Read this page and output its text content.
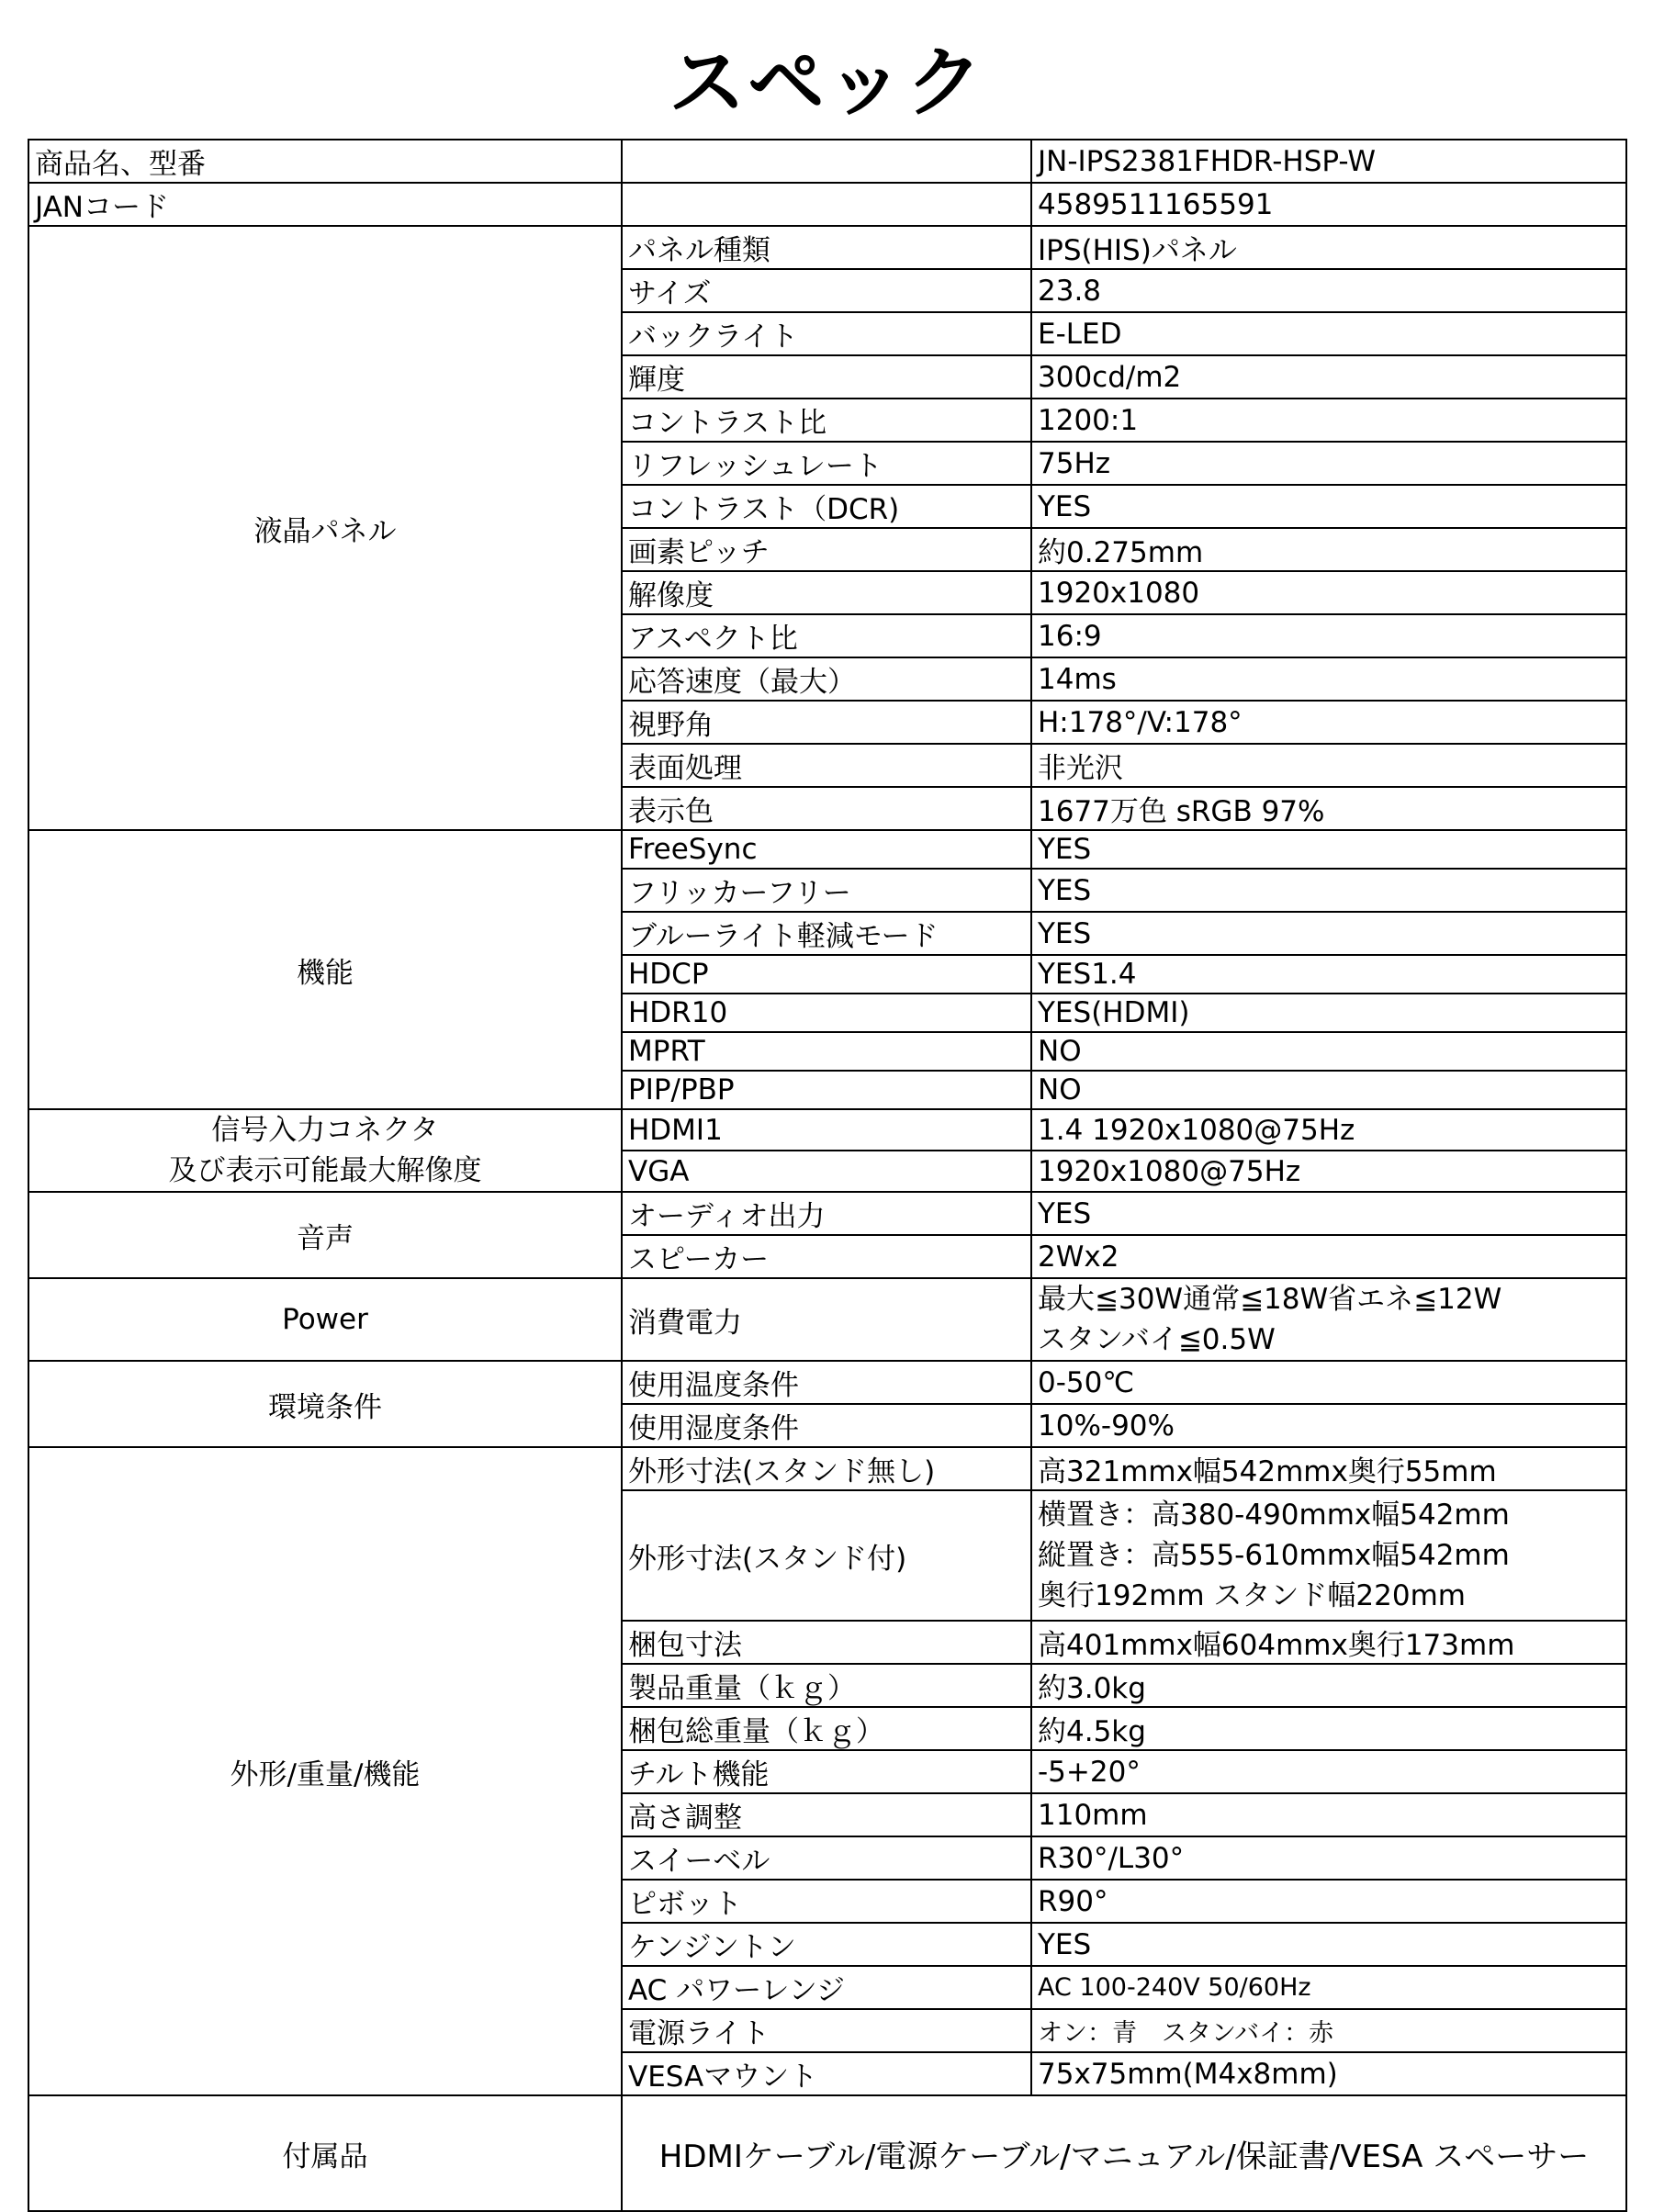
スペック
商品名、型番		JN-IPS2381FHDR-HSP-W
JANコード		4589511165591

液晶パネル	パネル種類	IPS(HIS)パネル

	サイズ	23.8

	バックライト	E-LED

	輝度	300cd/m2

	コントラスト比	1200:1

	リフレッシュレート	75Hz

	コントラスト（DCR)	YES

	画素ピッチ	約0.275mm

	解像度	1920x1080

	アスペクト比	16:9

	応答速度（最大）	14ms

	視野角	H:178°/V:178°

	表面処理	非光沢

	表示色	1677万色 sRGB 97%

機能	FreeSync	YES

	フリッカーフリー	YES

	ブルーライト軽減モード	YES

	HDCP	YES1.4

	HDR10	YES(HDMI)

	MPRT	NO

	PIP/PBP	NO

信号入力コネクタ
及び表示可能最大解像度	HDMI1	1.4 1920x1080@75Hz

	VGA	1920x1080@75Hz

音声	オーディオ出力	YES

	スピーカー	2Wx2

Power	消費電力	最大≦30W通常≦18W省エネ≦12W
スタンバイ≦0.5W

環境条件	使用温度条件	0-50℃

	使用湿度条件	10%-90%

外形/重量/機能	外形寸法(スタンド無し)	高321mmx幅542mmx奥行55mm

	外形寸法(スタンド付)	横置き：高380-490mmx幅542mm
縦置き：高555-610mmx幅542mm
奥行192mm スタンド幅220mm

	梱包寸法	高401mmx幅604mmx奥行173mm

	製品重量（ｋｇ）	約3.0kg

	梱包総重量（ｋｇ）	約4.5kg

	チルト機能	-5+20°

	高さ調整	110mm

	スイーベル	R30°/L30°

	ピボット	R90°

	ケンジントン	YES

	AC パワーレンジ	AC 100-240V 50/60Hz

	電源ライト	オン：青　スタンバイ：赤

	VESAマウント	75x75mm(M4x8mm)

付属品	HDMIケーブル/電源ケーブル/マニュアル/保証書/VESA スペーサー	
